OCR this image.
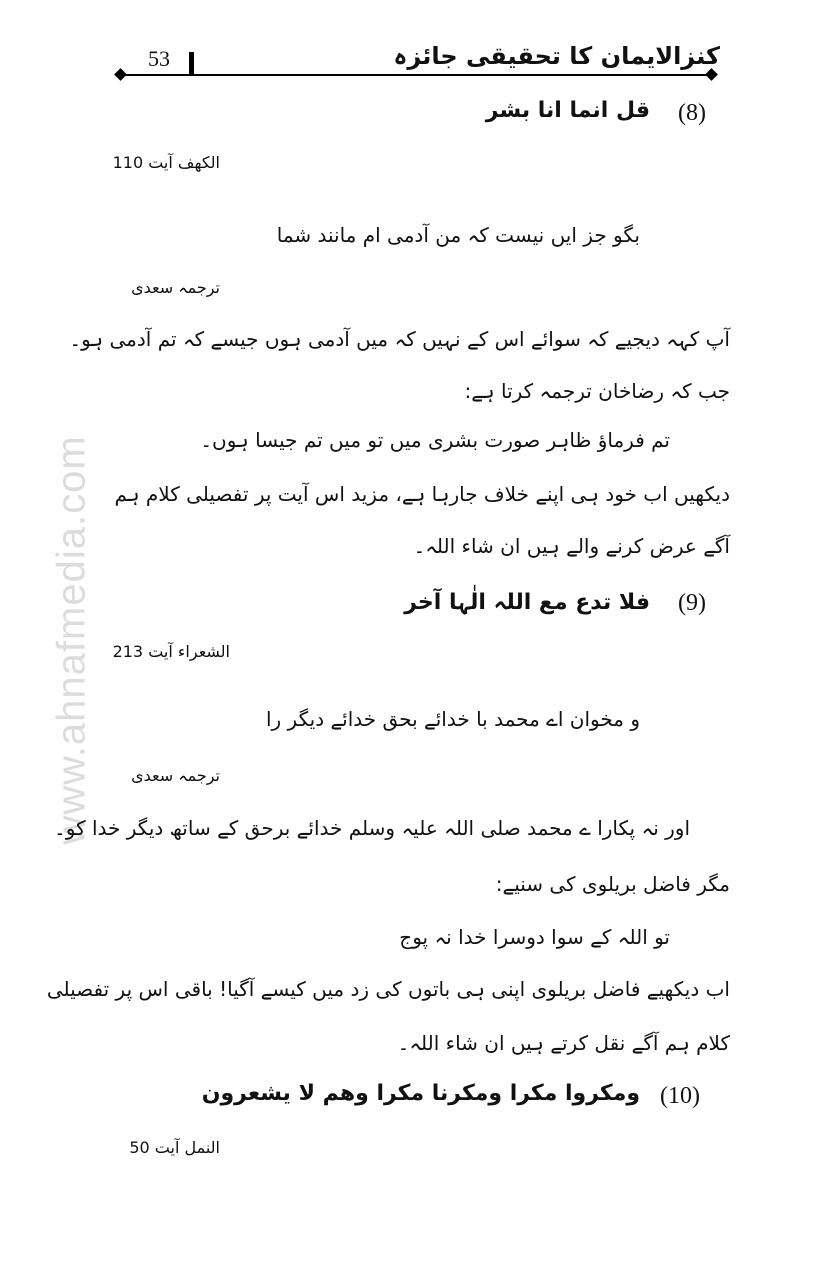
www.ahnafmedia.com
53	کنزالایمان کا تحقیقی جائزہ
(8)
قل انما انا بشر
الکھف آیت 110
بگو جز ایں نیست کہ من آدمی ام مانند شما
ترجمہ سعدی
آپ کہہ دیجیے کہ سوائے اس کے نہیں کہ میں آدمی ہوں جیسے کہ تم آدمی ہو۔
جب کہ رضاخان ترجمہ کرتا ہے:
تم فرماؤ ظاہر صورت بشری میں تو میں تم جیسا ہوں۔
دیکھیں اب خود ہی اپنے خلاف جارہا ہے، مزید اس آیت پر تفصیلی کلام ہم
آگے عرض کرنے والے ہیں ان شاء اللہ۔
(9)
فلا تدع مع اللہ الٰہا آخر
الشعراء آیت 213
و مخوان اے محمد با خدائے بحق خدائے دیگر را
ترجمہ سعدی
اور نہ پکارا ے محمد صلی اللہ علیہ وسلم خدائے برحق کے ساتھ دیگر خدا کو۔
مگر فاضل بریلوی کی سنیے:
تو اللہ کے سوا دوسرا خدا نہ پوج
اب دیکھیے فاضل بریلوی اپنی ہی باتوں کی زد میں کیسے آگیا! باقی اس پر تفصیلی
کلام ہم آگے نقل کرتے ہیں ان شاء اللہ۔
(10)
ومکروا مکرا ومکرنا مکرا وھم لا یشعرون
النمل آیت 50
